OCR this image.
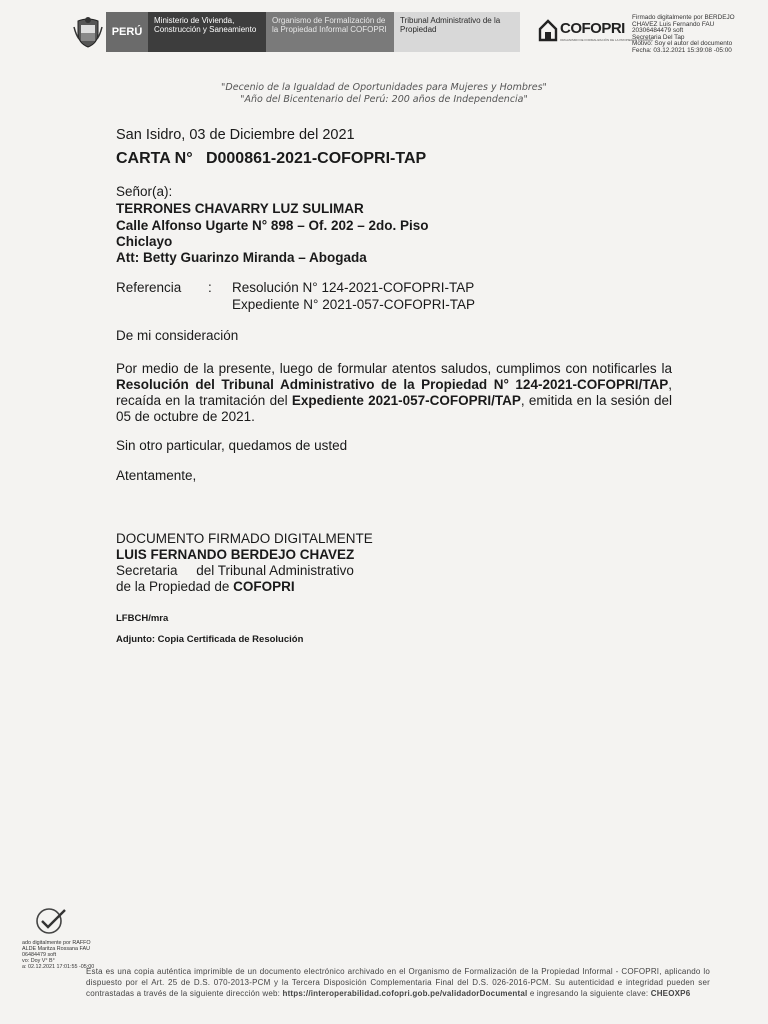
PERÚ
Ministerio de Vivienda, Construcción y Saneamiento
Organismo de Formalización de la Propiedad Informal COFOPRI
Tribunal Administrativo de la Propiedad	COFOPRI
ORGANISMO DE FORMALIZACIÓN DE LA PROPIEDAD INFORMAL
Firmado digitalmente por BERDEJO
CHAVEZ Luis Fernando FAU
20306484479 soft
Secretaria Del Tap
Motivo: Soy el autor del documento
Fecha: 03.12.2021 15:39:08 -05:00
"Decenio de la Igualdad de Oportunidades para Mujeres y Hombres"
"Año del Bicentenario del Perú: 200 años de Independencia"
San Isidro, 03 de Diciembre del 2021
CARTA N° D000861-2021-COFOPRI-TAP
Señor(a):
TERRONES CHAVARRY LUZ SULIMAR
Calle Alfonso Ugarte N° 898 – Of. 202 – 2do. Piso
Chiclayo
Att: Betty Guarinzo Miranda – Abogada
Referencia : Resolución N° 124-2021-COFOPRI-TAP
Expediente N° 2021-057-COFOPRI-TAP
De mi consideración
Por medio de la presente, luego de formular atentos saludos, cumplimos con notificarles la Resolución del Tribunal Administrativo de la Propiedad N° 124-2021-COFOPRI/TAP, recaída en la tramitación del Expediente 2021-057-COFOPRI/TAP, emitida en la sesión del 05 de octubre de 2021.
Sin otro particular, quedamos de usted
Atentamente,
DOCUMENTO FIRMADO DIGITALMENTE
LUIS FERNANDO BERDEJO CHAVEZ
Secretaria     del Tribunal Administrativo
de la Propiedad de COFOPRI
LFBCH/mra
Adjunto: Copia Certificada de Resolución
ado digitalmente por RAFFO
ALDE Maritza Rossana FAU
06484479 soft
vo: Doy V° B°
a: 02.12.2021 17:01:55 -05:00
Esta es una copia auténtica imprimible de un documento electrónico archivado en el Organismo de Formalización de la Propiedad Informal - COFOPRI, aplicando lo dispuesto por el Art. 25 de D.S. 070-2013-PCM y la Tercera Disposición Complementaria Final del D.S. 026-2016-PCM. Su autenticidad e integridad pueden ser contrastadas a través de la siguiente dirección web: https://interoperabilidad.cofopri.gob.pe/validadorDocumental e ingresando la siguiente clave: CHEOXP6
